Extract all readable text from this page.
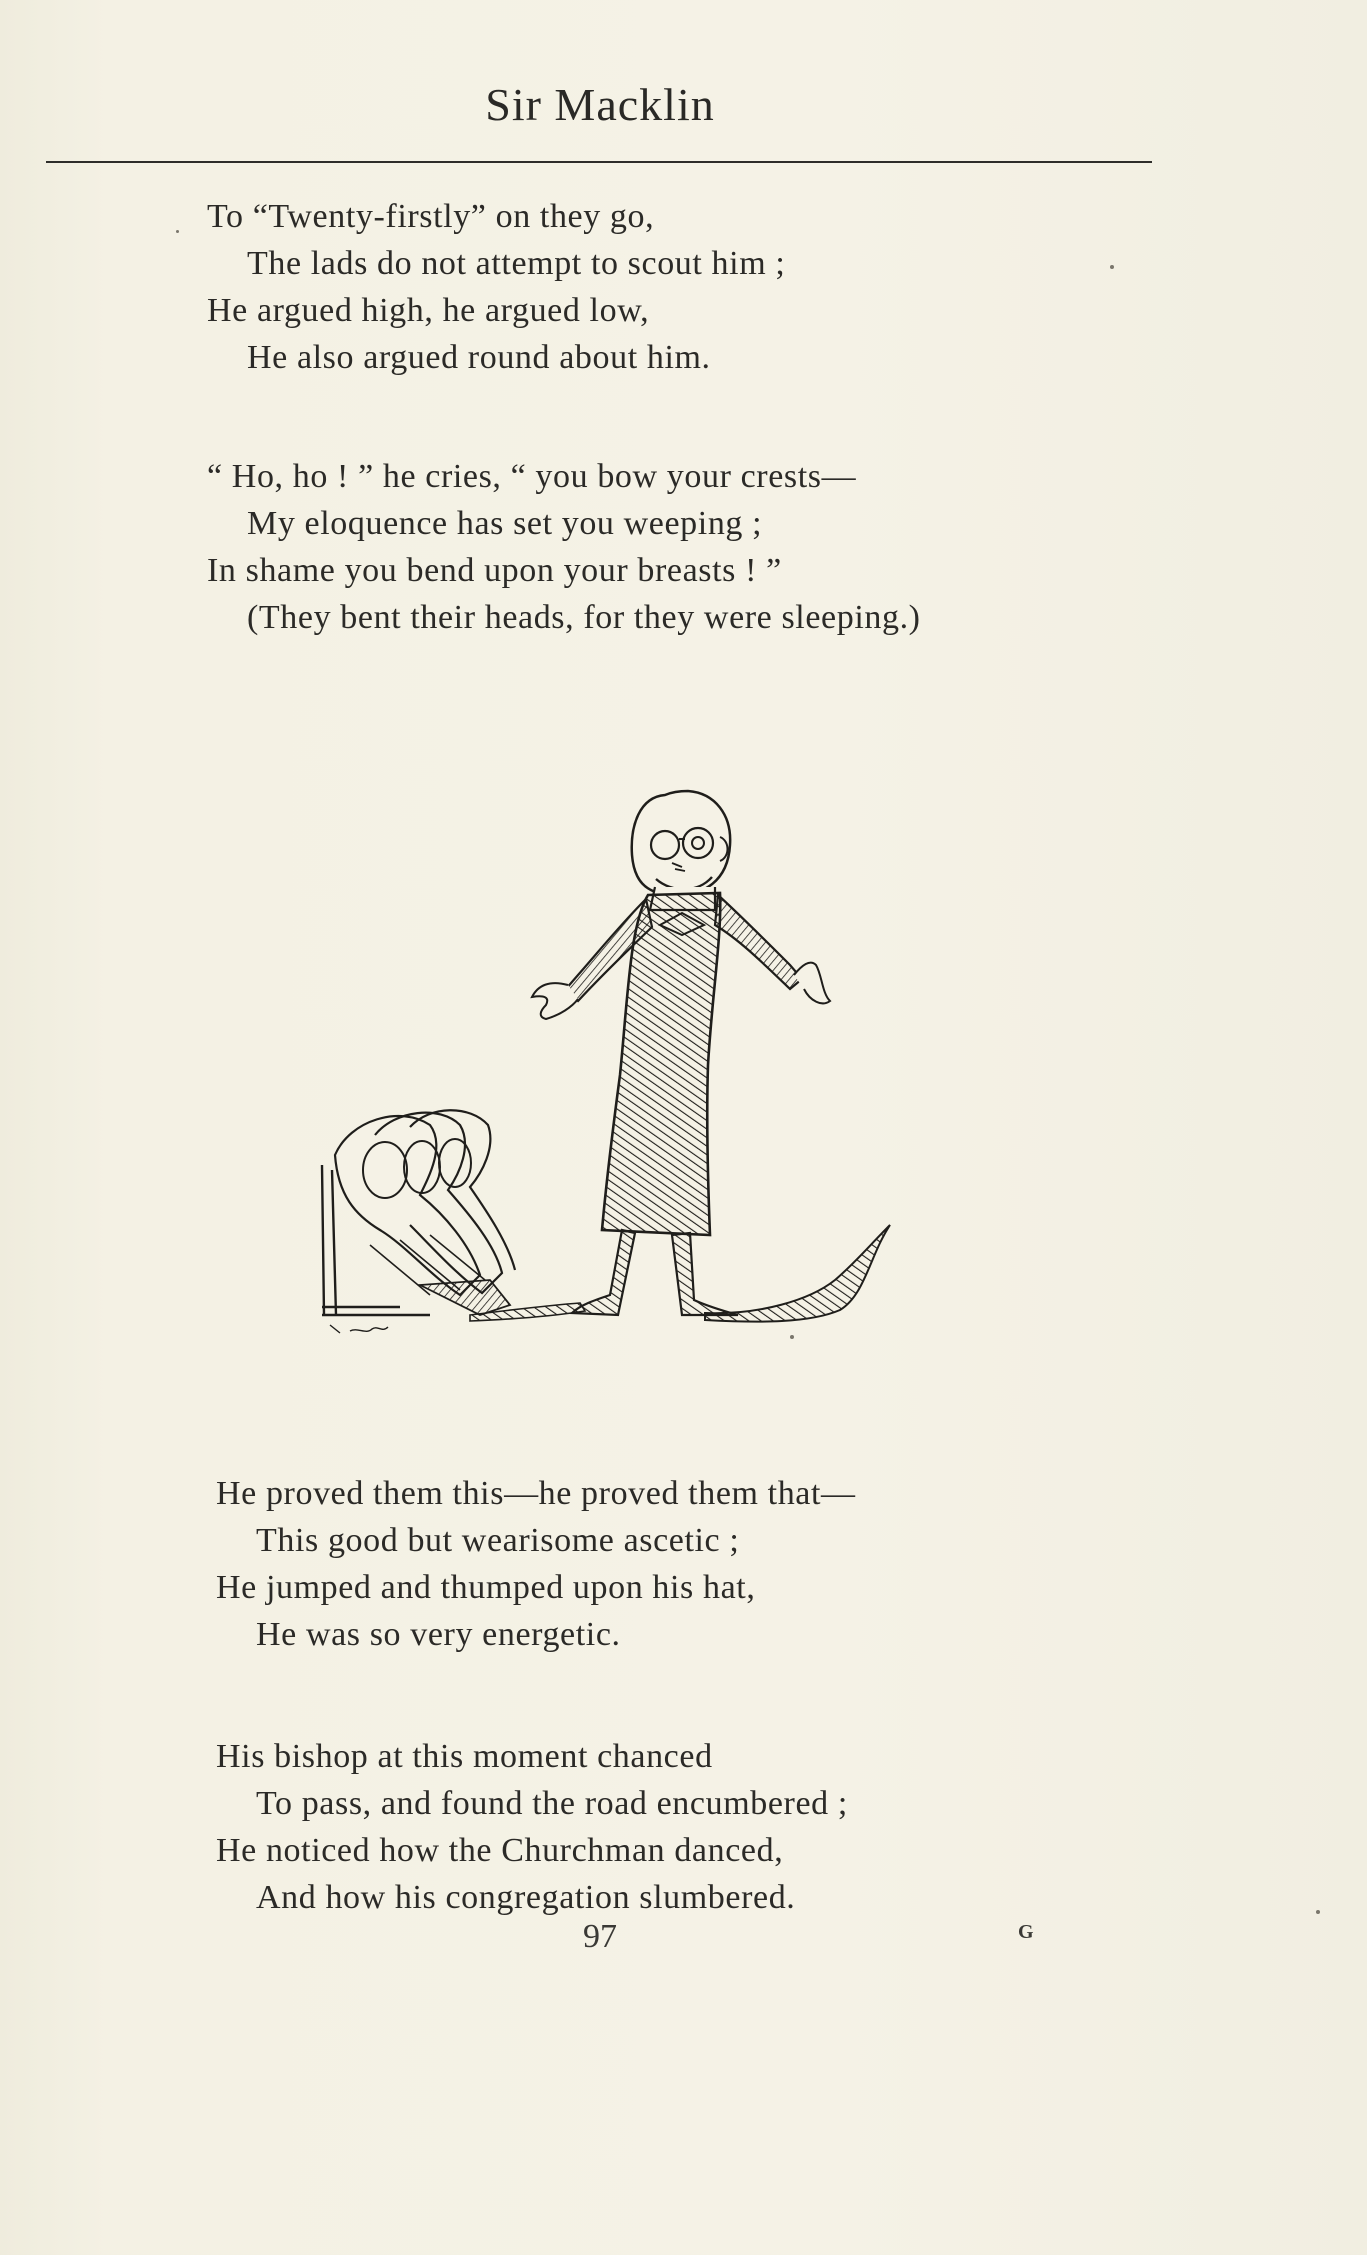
Sir Macklin
To “Twenty-firstly” on they go,
The lads do not attempt to scout him ;
He argued high, he argued low,
He also argued round about him.
“ Ho, ho ! ” he cries, “ you bow your crests—
My eloquence has set you weeping ;
In shame you bend upon your breasts ! ”
(They bent their heads, for they were sleeping.)
He proved them this—he proved them that—
This good but wearisome ascetic ;
He jumped and thumped upon his hat,
He was so very energetic.
His bishop at this moment chanced
To pass, and found the road encumbered ;
He noticed how the Churchman danced,
And how his congregation slumbered.
97	G
